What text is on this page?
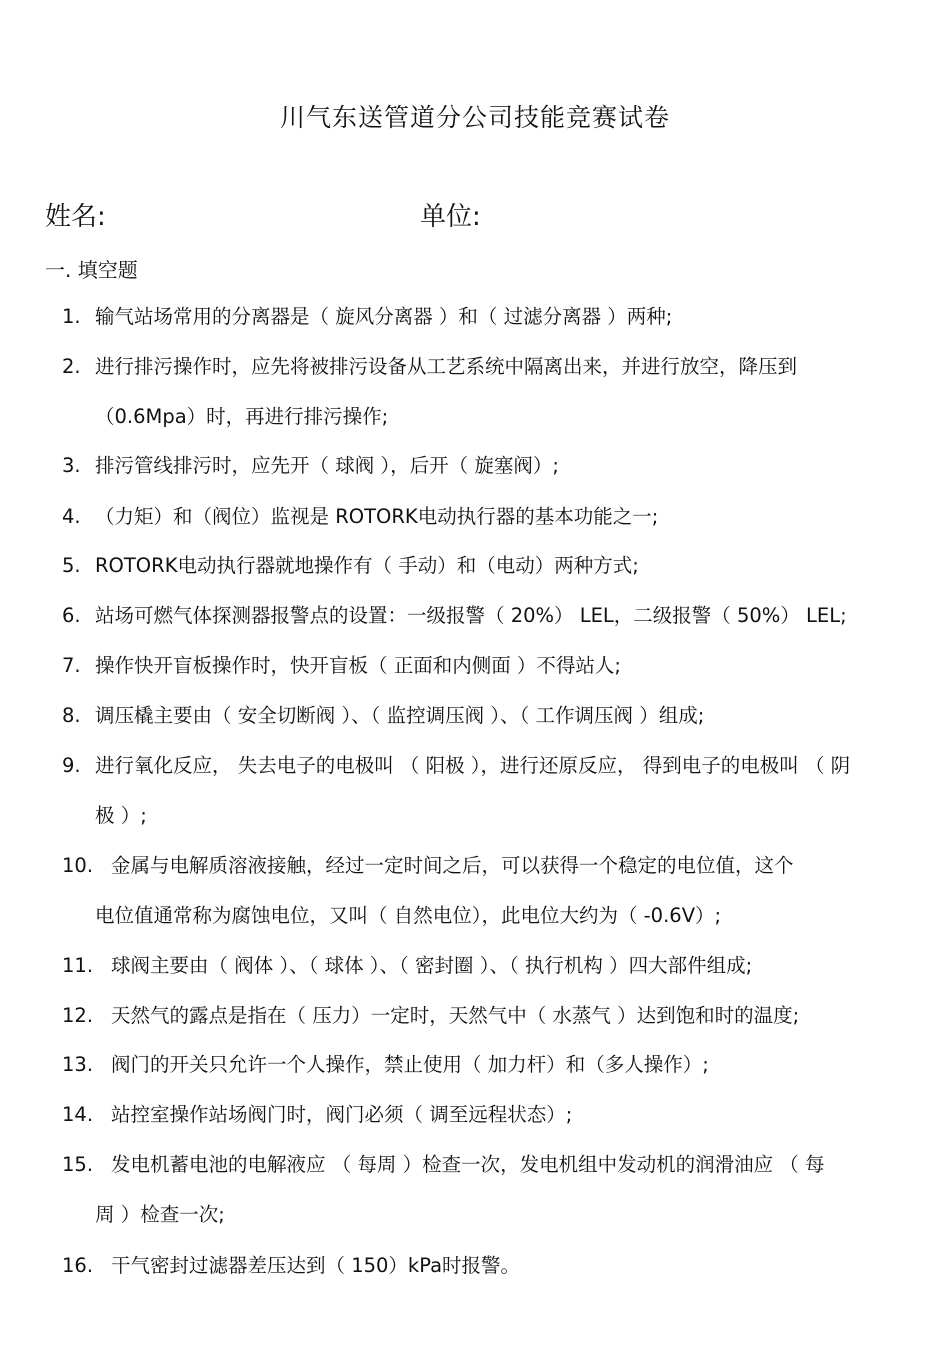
川气东送管道分公司技能竞赛试卷
姓名:	单位:
一. 填空题
1. 输气站场常用的分离器是（ 旋风分离器 ）和（ 过滤分离器 ）两种;
2. 进行排污操作时，应先将被排污设备从工艺系统中隔离出来，并进行放空，降压到
（0.6Mpa）时，再进行排污操作;
3. 排污管线排污时，应先开（ 球阀 ），后开（ 旋塞阀）;
4. （力矩）和（阀位）监视是 ROTORK电动执行器的基本功能之一;
5. ROTORK电动执行器就地操作有（ 手动）和（电动）两种方式;
6. 站场可燃气体探测器报警点的设置：一级报警（ 20%） LEL，二级报警（ 50%） LEL;
7. 操作快开盲板操作时，快开盲板（ 正面和内侧面 ）不得站人;
8. 调压橇主要由（ 安全切断阀 ）、（ 监控调压阀 ）、（ 工作调压阀 ）组成;
9. 进行氧化反应， 失去电子的电极叫 （ 阳极 ），进行还原反应， 得到电子的电极叫 （ 阴
极 ）;
10. 金属与电解质溶液接触，经过一定时间之后，可以获得一个稳定的电位值，这个
电位值通常称为腐蚀电位，又叫（ 自然电位），此电位大约为（ -0.6V）;
11. 球阀主要由（ 阀体 ）、（ 球体 ）、（ 密封圈 ）、（ 执行机构 ）四大部件组成;
12. 天然气的露点是指在（ 压力）一定时，天然气中（ 水蒸气 ）达到饱和时的温度;
13. 阀门的开关只允许一个人操作，禁止使用（ 加力杆）和（多人操作）;
14. 站控室操作站场阀门时，阀门必须（ 调至远程状态）;
15. 发电机蓄电池的电解液应 （ 每周 ）检查一次，发电机组中发动机的润滑油应 （ 每
周 ）检查一次;
16. 干气密封过滤器差压达到（ 150）kPa时报警。
